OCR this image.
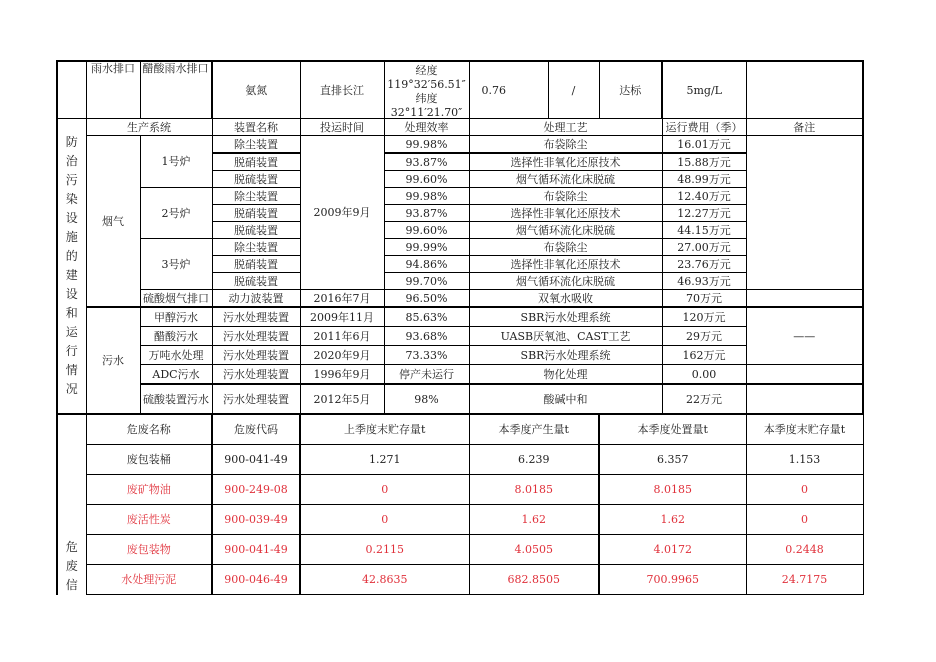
	雨水排口	醋酸雨水排口	氨氮	直排长江	经度119°32′56.51″纬度32°11′21.70″	0.76	/	达标	5mg/L	

防治污染设施的建设和运行情况	生产系统		装置名称	投运时间	处理效率	处理工艺			运行费用（季）	备注
	烟气	1号炉	除尘装置	2009年9月	99.98%	布袋除尘			16.01万元	
			脱硝装置		93.87%	选择性非氧化还原技术			15.88万元	
			脱硫装置		99.60%	烟气循环流化床脱硫			48.99万元	
		2号炉	除尘装置		99.98%	布袋除尘			12.40万元	
			脱硝装置		93.87%	选择性非氧化还原技术			12.27万元	
			脱硫装置		99.60%	烟气循环流化床脱硫			44.15万元	
		3号炉	除尘装置		99.99%	布袋除尘			27.00万元	
			脱硝装置		94.86%	选择性非氧化还原技术			23.76万元	
			脱硫装置		99.70%	烟气循环流化床脱硫			46.93万元	
		硫酸烟气排口	动力波装置	2016年7月	96.50%	双氧水吸收			70万元	
	污水	甲醇污水	污水处理装置	2009年11月	85.63%	SBR污水处理系统			120万元	——
		醋酸污水	污水处理装置	2011年6月	93.68%	UASB厌氧池、CAST工艺			29万元	
		万吨水处理	污水处理装置	2020年9月	73.33%	SBR污水处理系统			162万元	
		ADC污水	污水处理装置	1996年9月	停产未运行	物化处理			0.00	
		硫酸装置污水	污水处理装置	2012年5月	98%	酸碱中和			22万元	

危废信	危废名称		危废代码	上季度末贮存量t		本季度产生量t		本季度处置量t		本季度末贮存量t
	废包装桶		900-041-49	1.271		6.239		6.357		1.153
	废矿物油		900-249-08	0		8.0185		8.0185		0
	废活性炭		900-039-49	0		1.62		1.62		0
	废包装物		900-041-49	0.2115		4.0505		4.0172		0.2448
	水处理污泥		900-046-49	42.8635		682.8505		700.9965		24.7175
